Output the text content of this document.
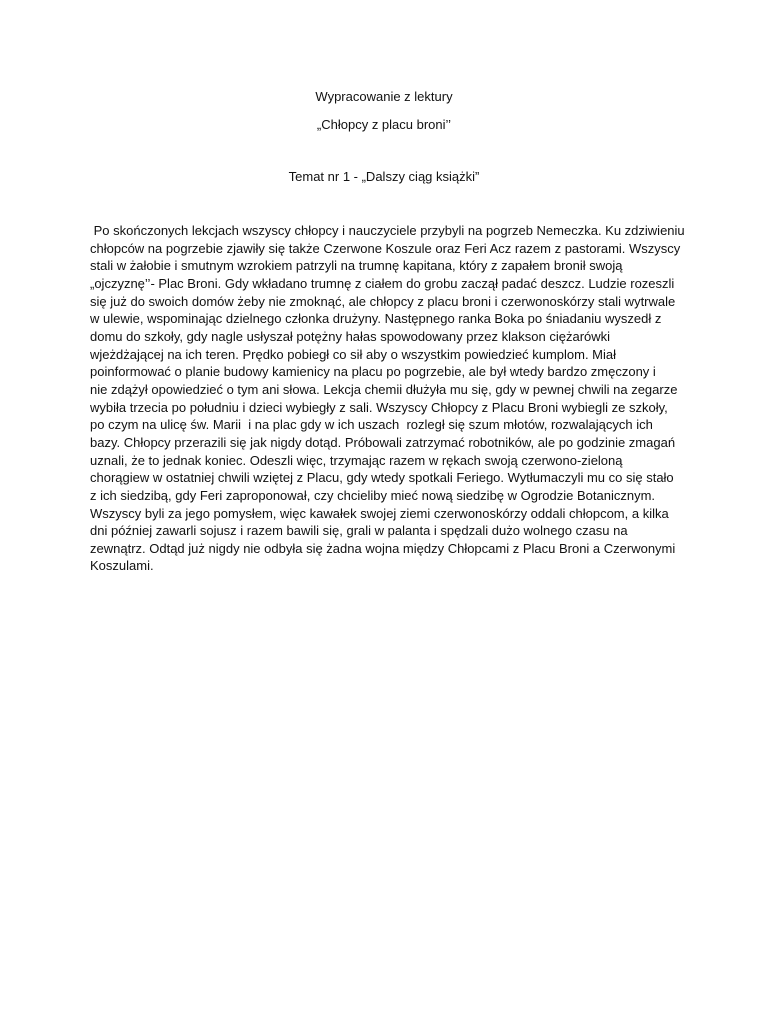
Wypracowanie z lektury

„Chłopcy z placu broni’’

Temat nr 1 - „Dalszy ciąg książki”

Po skończonych lekcjach wszyscy chłopcy i nauczyciele przybyli na pogrzeb Nemeczka. Ku zdziwieniu
chłopców na pogrzebie zjawiły się także Czerwone Koszule oraz Feri Acz razem z pastorami. Wszyscy
stali w żałobie i smutnym wzrokiem patrzyli na trumnę kapitana, który z zapałem bronił swoją
„ojczyznę’’- Plac Broni. Gdy wkładano trumnę z ciałem do grobu zaczął padać deszcz. Ludzie rozeszli
się już do swoich domów żeby nie zmoknąć, ale chłopcy z placu broni i czerwonoskórzy stali wytrwale
w ulewie, wspominając dzielnego członka drużyny. Następnego ranka Boka po śniadaniu wyszedł z
domu do szkoły, gdy nagle usłyszał potężny hałas spowodowany przez klakson ciężarówki
wjeżdżającej na ich teren. Prędko pobiegł co sił aby o wszystkim powiedzieć kumplom. Miał
poinformować o planie budowy kamienicy na placu po pogrzebie, ale był wtedy bardzo zmęczony i
nie zdążył opowiedzieć o tym ani słowa. Lekcja chemii dłużyła mu się, gdy w pewnej chwili na zegarze
wybiła trzecia po południu i dzieci wybiegły z sali. Wszyscy Chłopcy z Placu Broni wybiegli ze szkoły,
po czym na ulicę św. Marii  i na plac gdy w ich uszach  rozległ się szum młotów, rozwalających ich
bazy. Chłopcy przerazili się jak nigdy dotąd. Próbowali zatrzymać robotników, ale po godzinie zmagań
uznali, że to jednak koniec. Odeszli więc, trzymając razem w rękach swoją czerwono-zieloną
chorągiew w ostatniej chwili wziętej z Placu, gdy wtedy spotkali Feriego. Wytłumaczyli mu co się stało
z ich siedzibą, gdy Feri zaproponował, czy chcieliby mieć nową siedzibę w Ogrodzie Botanicznym.
Wszyscy byli za jego pomysłem, więc kawałek swojej ziemi czerwonoskórzy oddali chłopcom, a kilka
dni później zawarli sojusz i razem bawili się, grali w palanta i spędzali dużo wolnego czasu na
zewnątrz. Odtąd już nigdy nie odbyła się żadna wojna między Chłopcami z Placu Broni a Czerwonymi
Koszulami.
